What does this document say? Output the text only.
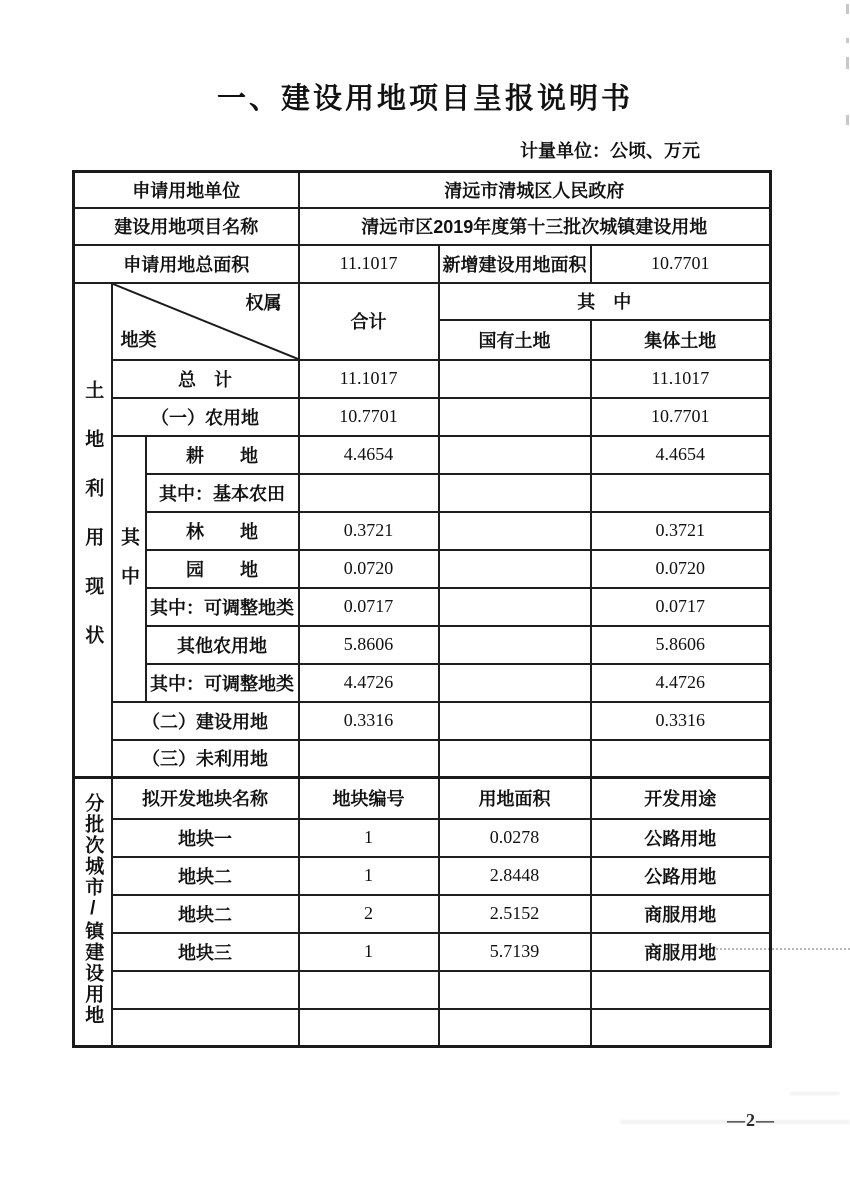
一、建设用地项目呈报说明书
计量单位：公顷、万元
申请用地单位			清远市清城区人民政府		
建设用地项目名称			清远市区2019年度第十三批次城镇建设用地		
申请用地总面积			11.1017	新增建设用地面积	10.7701
土地利用现状	权属
地类		合计	其　中	
				国有土地	集体土地
	总　计		11.1017		11.1017
	（一）农用地		10.7701		10.7701
	其中	耕　　地	4.4654		4.4654
		其中：基本农田			
		林　　地	0.3721		0.3721
		园　　地	0.0720		0.0720
		其中：可调整地类	0.0717		0.0717
		其他农用地	5.8606		5.8606
		其中：可调整地类	4.4726		4.4726
	（二）建设用地		0.3316		0.3316
	（三）未利用地				
分批次城市/镇建设用地	拟开发地块名称		地块编号	用地面积	开发用途
	地块一		1	0.0278	公路用地
	地块二		1	2.8448	公路用地
	地块二		2	2.5152	商服用地
	地块三		1	5.7139	商服用地

—2—
